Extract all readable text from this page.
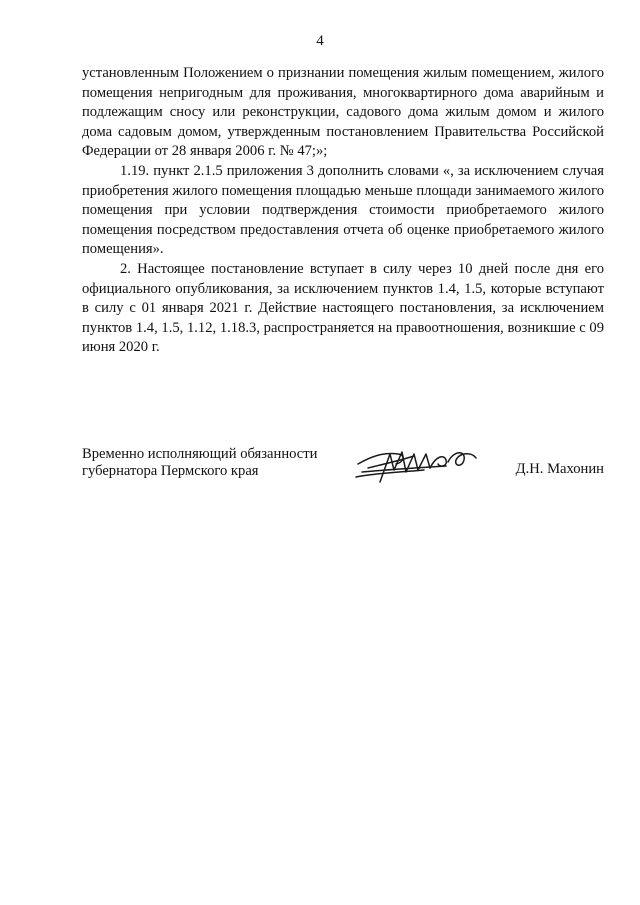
4

установленным Положением о признании помещения жилым помещением, жилого помещения непригодным для проживания, многоквартирного дома аварийным и подлежащим сносу или реконструкции, садового дома жилым домом и жилого дома садовым домом, утвержденным постановлением Правительства Российской Федерации от 28 января 2006 г. № 47;»;

1.19. пункт 2.1.5 приложения 3 дополнить словами «, за исключением случая приобретения жилого помещения площадью меньше площади занимаемого жилого помещения при условии подтверждения стоимости приобретаемого жилого помещения посредством предоставления отчета об оценке приобретаемого жилого помещения».

2. Настоящее постановление вступает в силу через 10 дней после дня его официального опубликования, за исключением пунктов 1.4, 1.5, которые вступают в силу с 01 января 2021 г. Действие настоящего постановления, за исключением пунктов 1.4, 1.5, 1.12, 1.18.3, распространяется на правоотношения, возникшие с 09 июня 2020 г.

Временно исполняющий обязанности
губернатора Пермского края	Д.Н. Махонин
